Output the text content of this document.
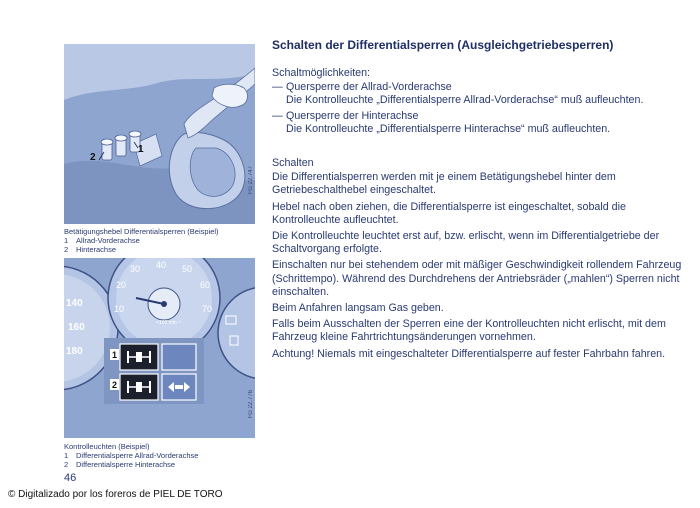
2
1
FG 22.747
Betätigungshebel Differentialsperren (Beispiel)
1	Allrad-Vorderachse
2	Hinterachse
140
160
180
30 40 50
60
20
10	70
×100 min⁻¹
1
2
FG 22.776
Kontrolleuchten (Beispiel)
1	Differentialsperre Allrad-Vorderachse
2	Differentialsperre Hinterachse
46
© Digitalizado por los foreros de PIEL DE TORO
Schalten der Differentialsperren (Ausgleichgetriebesperren)

Schaltmöglichkeiten:

— Quersperre der Allrad-Vorderachse

Die Kontrolleuchte „Differentialsperre Allrad-Vorderachse“ muß aufleuchten.

— Quersperre der Hinterachse

Die Kontrolleuchte „Differentialsperre Hinterachse“ muß aufleuchten.

Schalten

Die Differentialsperren werden mit je einem Betätigungshebel hinter dem Getriebeschalthebel eingeschaltet.

Hebel nach oben ziehen, die Differentialsperre ist eingeschaltet, sobald die Kontrolleuchte aufleuchtet.

Die Kontrolleuchte leuchtet erst auf, bzw. erlischt, wenn im Differentialgetriebe der Schaltvorgang erfolgte.

Einschalten nur bei stehendem oder mit mäßiger Geschwindigkeit rollendem Fahrzeug (Schrittempo). Während des Durchdrehens der Antriebsräder („mahlen“) Sperren nicht einschalten.

Beim Anfahren langsam Gas geben.

Falls beim Ausschalten der Sperren eine der Kontrolleuchten nicht erlischt, mit dem Fahrzeug kleine Fahrtrichtungsänderungen vornehmen.

Achtung! Niemals mit eingeschalteter Differentialsperre auf fester Fahrbahn fahren.
